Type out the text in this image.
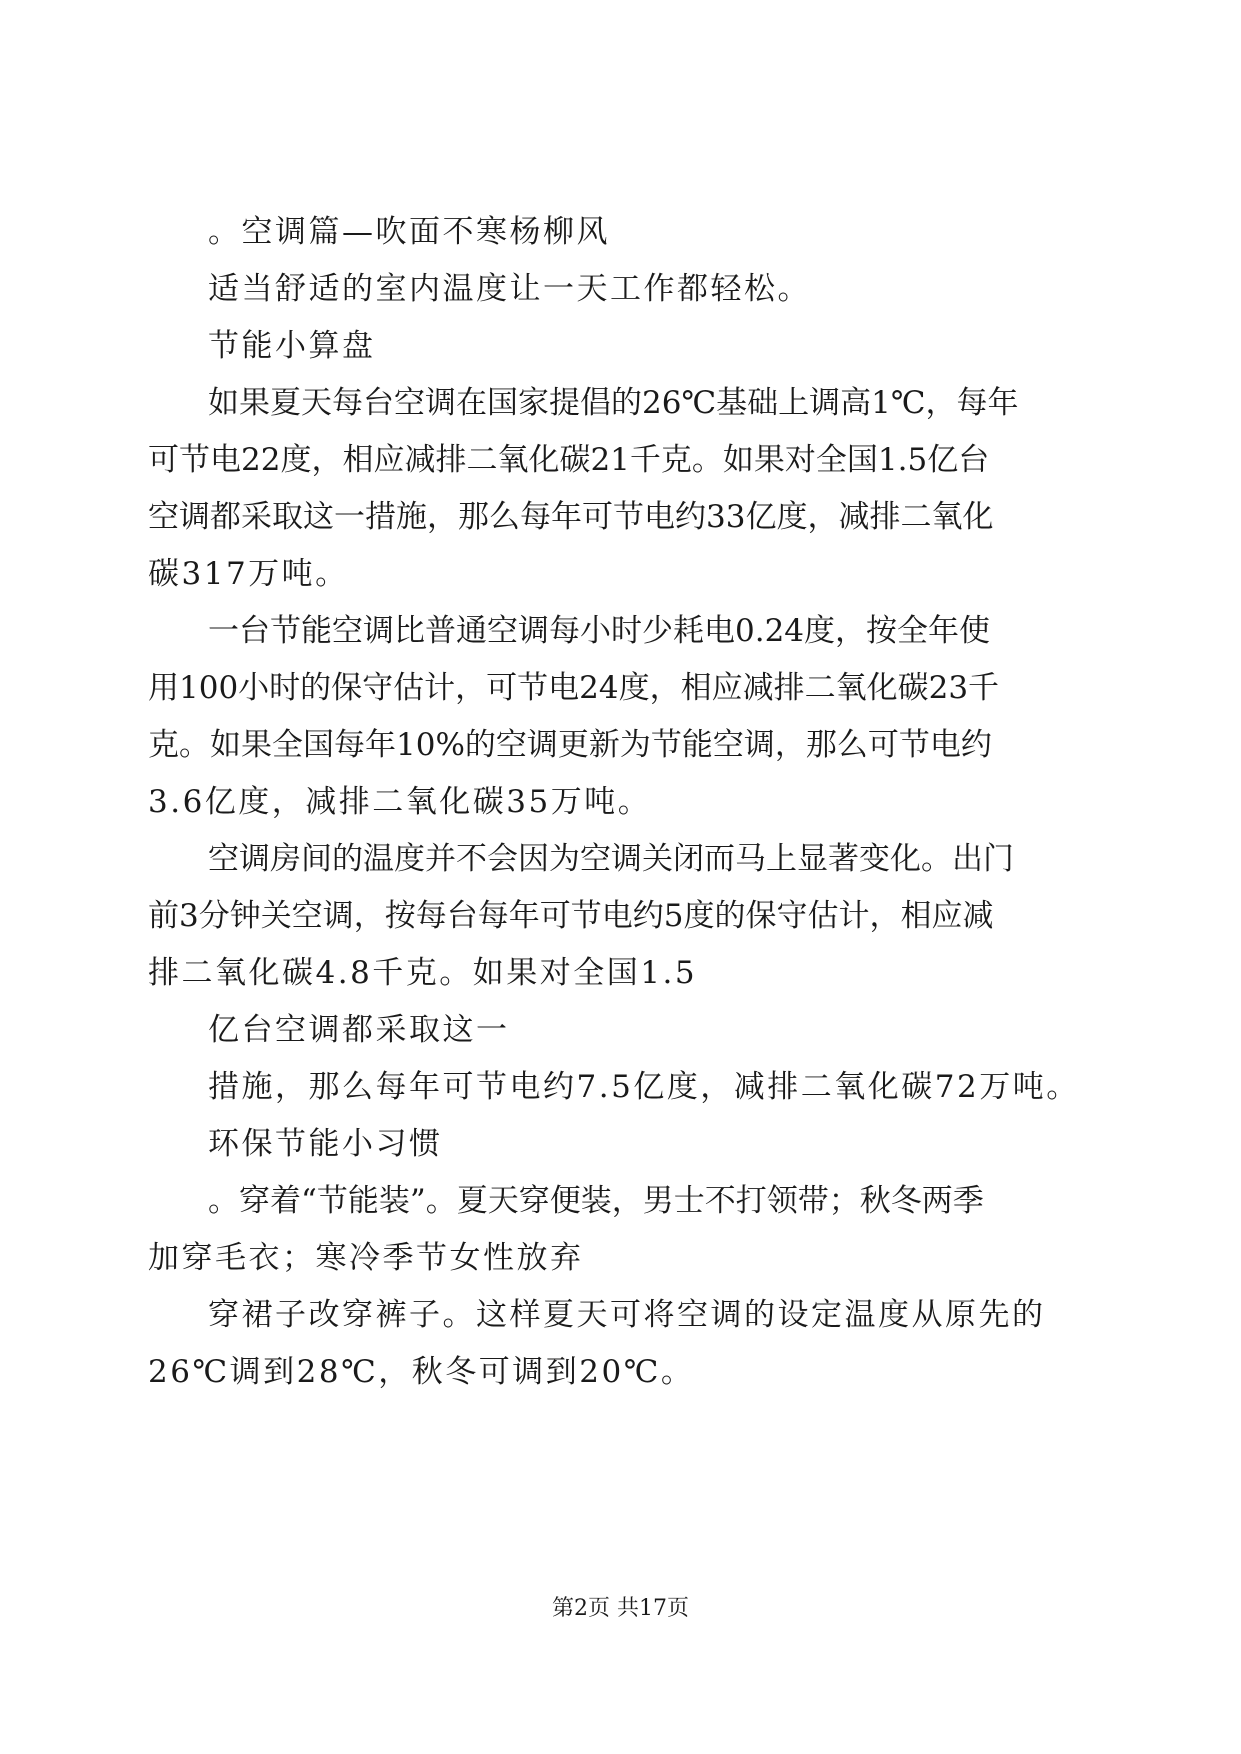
。空调篇—吹面不寒杨柳风
适当舒适的室内温度让一天工作都轻松。
节能小算盘
如果夏天每台空调在国家提倡的26℃基础上调高1℃，每年
可节电22度，相应减排二氧化碳21千克。如果对全国1.5亿台
空调都采取这一措施，那么每年可节电约33亿度，减排二氧化
碳317万吨。
一台节能空调比普通空调每小时少耗电0.24度，按全年使
用100小时的保守估计，可节电24度，相应减排二氧化碳23千
克。如果全国每年10%的空调更新为节能空调，那么可节电约
3.6亿度，减排二氧化碳35万吨。
空调房间的温度并不会因为空调关闭而马上显著变化。出门
前3分钟关空调，按每台每年可节电约5度的保守估计，相应减
排二氧化碳4.8千克。如果对全国1.5
亿台空调都采取这一
措施，那么每年可节电约7.5亿度，减排二氧化碳72万吨。
环保节能小习惯
。穿着“节能装”。夏天穿便装，男士不打领带；秋冬两季
加穿毛衣；寒冷季节女性放弃
穿裙子改穿裤子。这样夏天可将空调的设定温度从原先的
26℃调到28℃，秋冬可调到20℃。
第2页 共17页
